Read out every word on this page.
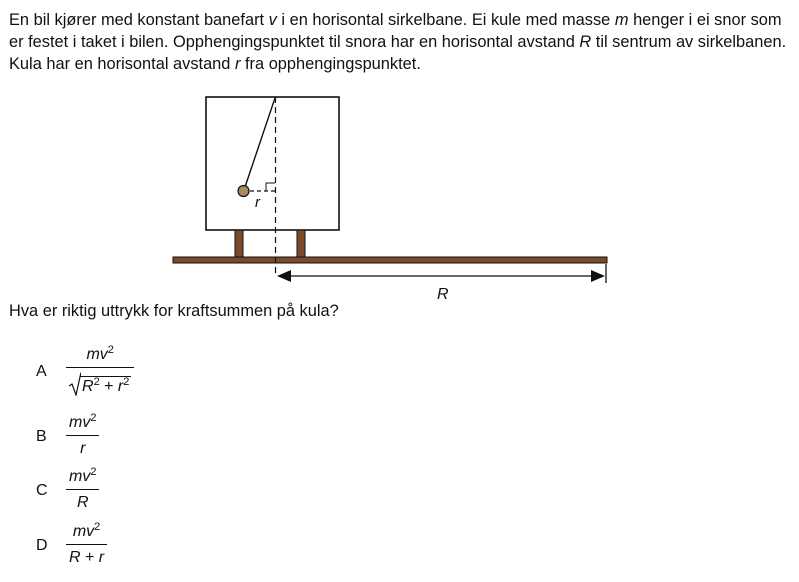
En bil kjører med konstant banefart v i en horisontal sirkelbane. Ei kule med masse m henger i ei snor som er festet i taket i bilen. Opphengingspunktet til snora har en horisontal avstand R til sentrum av sirkelbanen. Kula har en horisontal avstand r fra opphengingspunktet.

r
R

Hva er riktig uttrykk for kraftsummen på kula?

A $\frac{mv^2}{R^2 + r^2}$
B $\frac{mv^2}{r}$
C $\frac{mv^2}{R}$
D $\frac{mv^2}{R + r}$
